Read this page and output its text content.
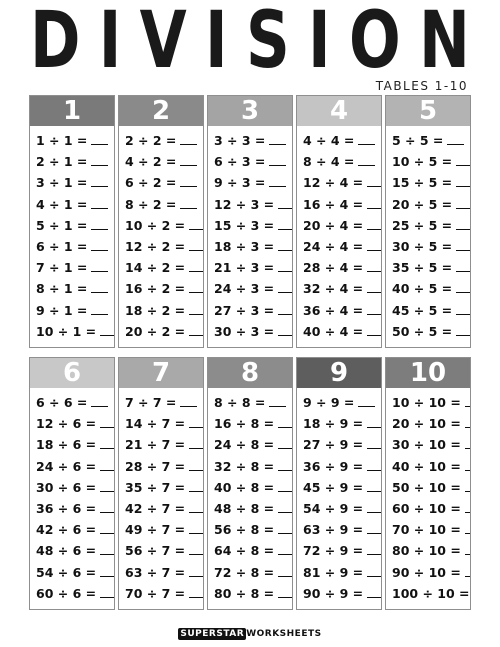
D I V I S I O N
TABLES 1-10
1
1 ÷ 1 =
2 ÷ 1 =
3 ÷ 1 =
4 ÷ 1 =
5 ÷ 1 =
6 ÷ 1 =
7 ÷ 1 =
8 ÷ 1 =
9 ÷ 1 =
10 ÷ 1 =
2
2 ÷ 2 =
4 ÷ 2 =
6 ÷ 2 =
8 ÷ 2 =
10 ÷ 2 =
12 ÷ 2 =
14 ÷ 2 =
16 ÷ 2 =
18 ÷ 2 =
20 ÷ 2 =
3
3 ÷ 3 =
6 ÷ 3 =
9 ÷ 3 =
12 ÷ 3 =
15 ÷ 3 =
18 ÷ 3 =
21 ÷ 3 =
24 ÷ 3 =
27 ÷ 3 =
30 ÷ 3 =
4
4 ÷ 4 =
8 ÷ 4 =
12 ÷ 4 =
16 ÷ 4 =
20 ÷ 4 =
24 ÷ 4 =
28 ÷ 4 =
32 ÷ 4 =
36 ÷ 4 =
40 ÷ 4 =
5
5 ÷ 5 =
10 ÷ 5 =
15 ÷ 5 =
20 ÷ 5 =
25 ÷ 5 =
30 ÷ 5 =
35 ÷ 5 =
40 ÷ 5 =
45 ÷ 5 =
50 ÷ 5 =
6
6 ÷ 6 =
12 ÷ 6 =
18 ÷ 6 =
24 ÷ 6 =
30 ÷ 6 =
36 ÷ 6 =
42 ÷ 6 =
48 ÷ 6 =
54 ÷ 6 =
60 ÷ 6 =
7
7 ÷ 7 =
14 ÷ 7 =
21 ÷ 7 =
28 ÷ 7 =
35 ÷ 7 =
42 ÷ 7 =
49 ÷ 7 =
56 ÷ 7 =
63 ÷ 7 =
70 ÷ 7 =
8
8 ÷ 8 =
16 ÷ 8 =
24 ÷ 8 =
32 ÷ 8 =
40 ÷ 8 =
48 ÷ 8 =
56 ÷ 8 =
64 ÷ 8 =
72 ÷ 8 =
80 ÷ 8 =
9
9 ÷ 9 =
18 ÷ 9 =
27 ÷ 9 =
36 ÷ 9 =
45 ÷ 9 =
54 ÷ 9 =
63 ÷ 9 =
72 ÷ 9 =
81 ÷ 9 =
90 ÷ 9 =
10
10 ÷ 10 =
20 ÷ 10 =
30 ÷ 10 =
40 ÷ 10 =
50 ÷ 10 =
60 ÷ 10 =
70 ÷ 10 =
80 ÷ 10 =
90 ÷ 10 =
100 ÷ 10 =
SUPERSTAR WORKSHEETS
